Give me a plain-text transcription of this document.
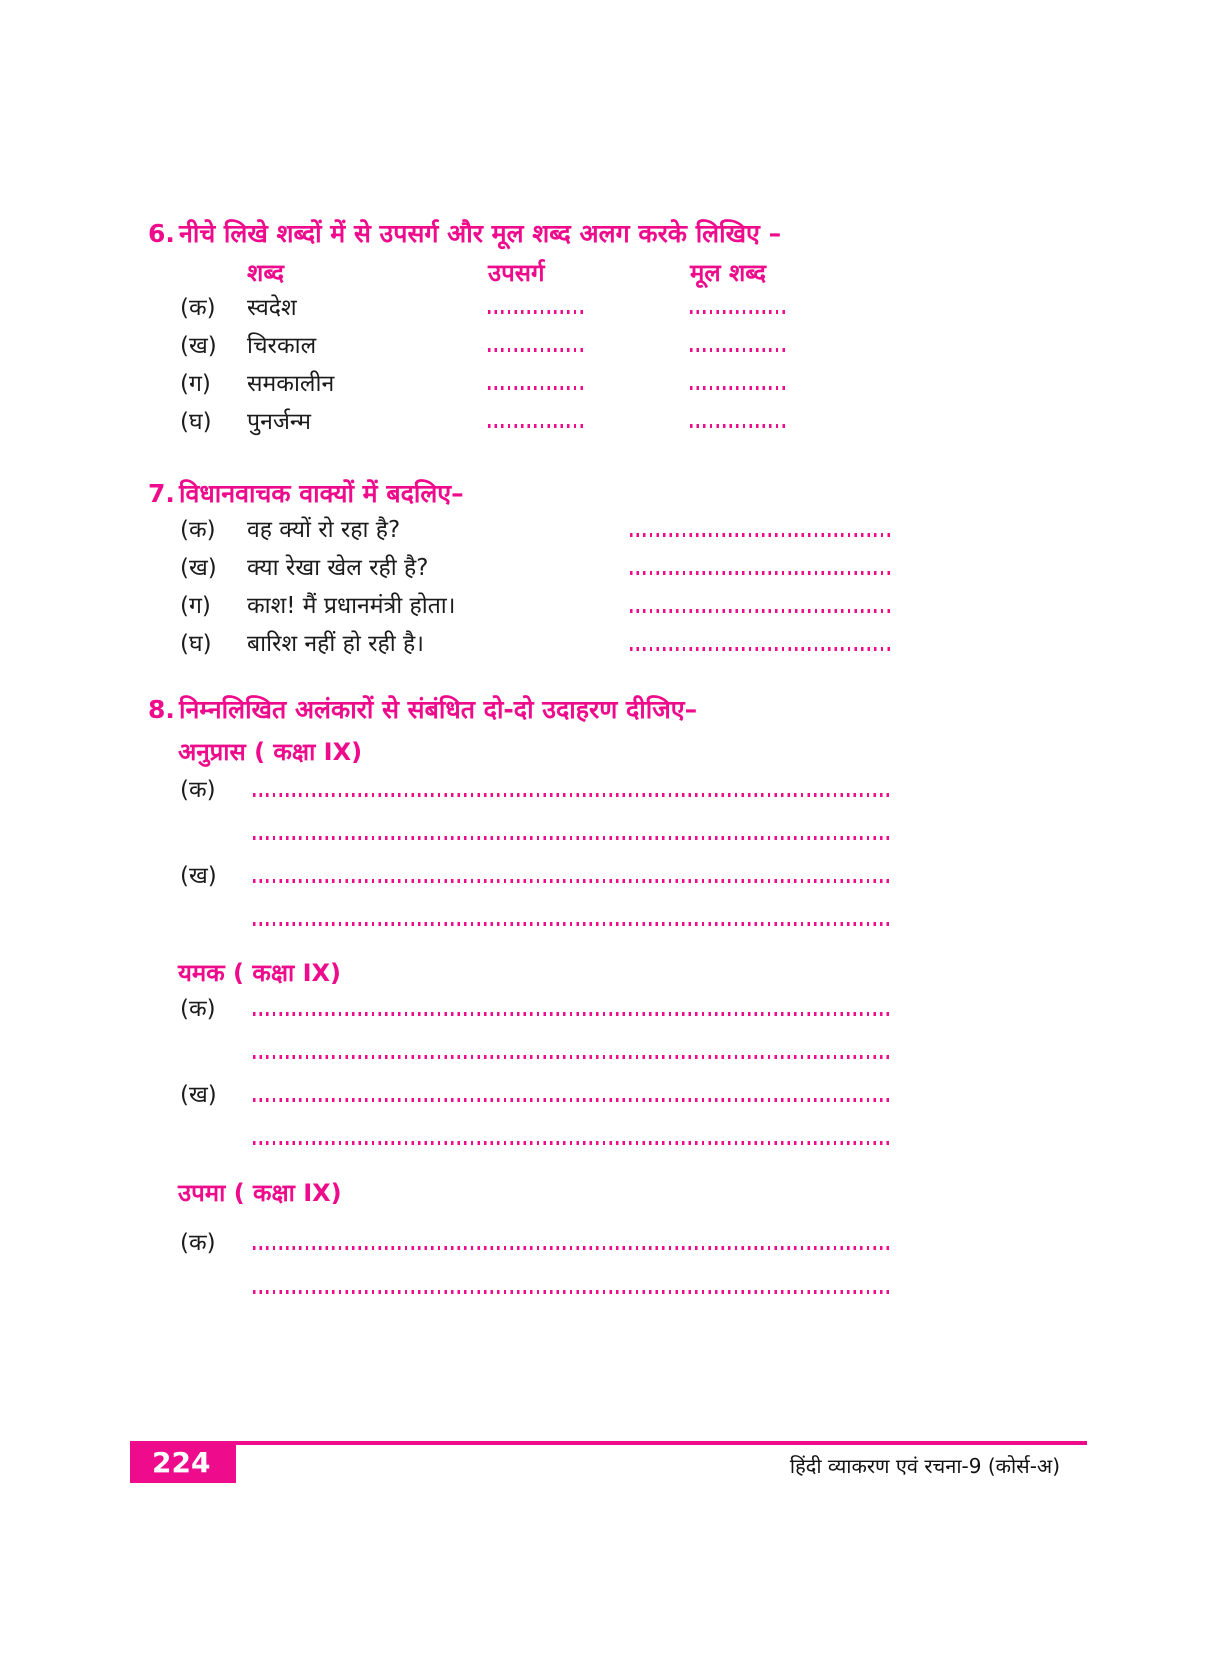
6. नीचे लिखे शब्दों में से उपसर्ग और मूल शब्द अलग करके लिखिए –
शब्द	उपसर्ग	मूल शब्द
(क) स्वदेश
(ख) चिरकाल
(ग) समकालीन
(घ) पुनर्जन्म
7. विधानवाचक वाक्यों में बदलिए–
(क) वह क्यों रो रहा है?
(ख) क्या रेखा खेल रही है?
(ग) काश! मैं प्रधानमंत्री होता।
(घ) बारिश नहीं हो रही है।
8. निम्नलिखित अलंकारों से संबंधित दो-दो उदाहरण दीजिए–
अनुप्रास ( कक्षा IX)
(क)
(ख)
यमक ( कक्षा IX)
(क)
(ख)
उपमा ( कक्षा IX)
(क)
224	हिंदी व्याकरण एवं रचना-9 (कोर्स-अ)
